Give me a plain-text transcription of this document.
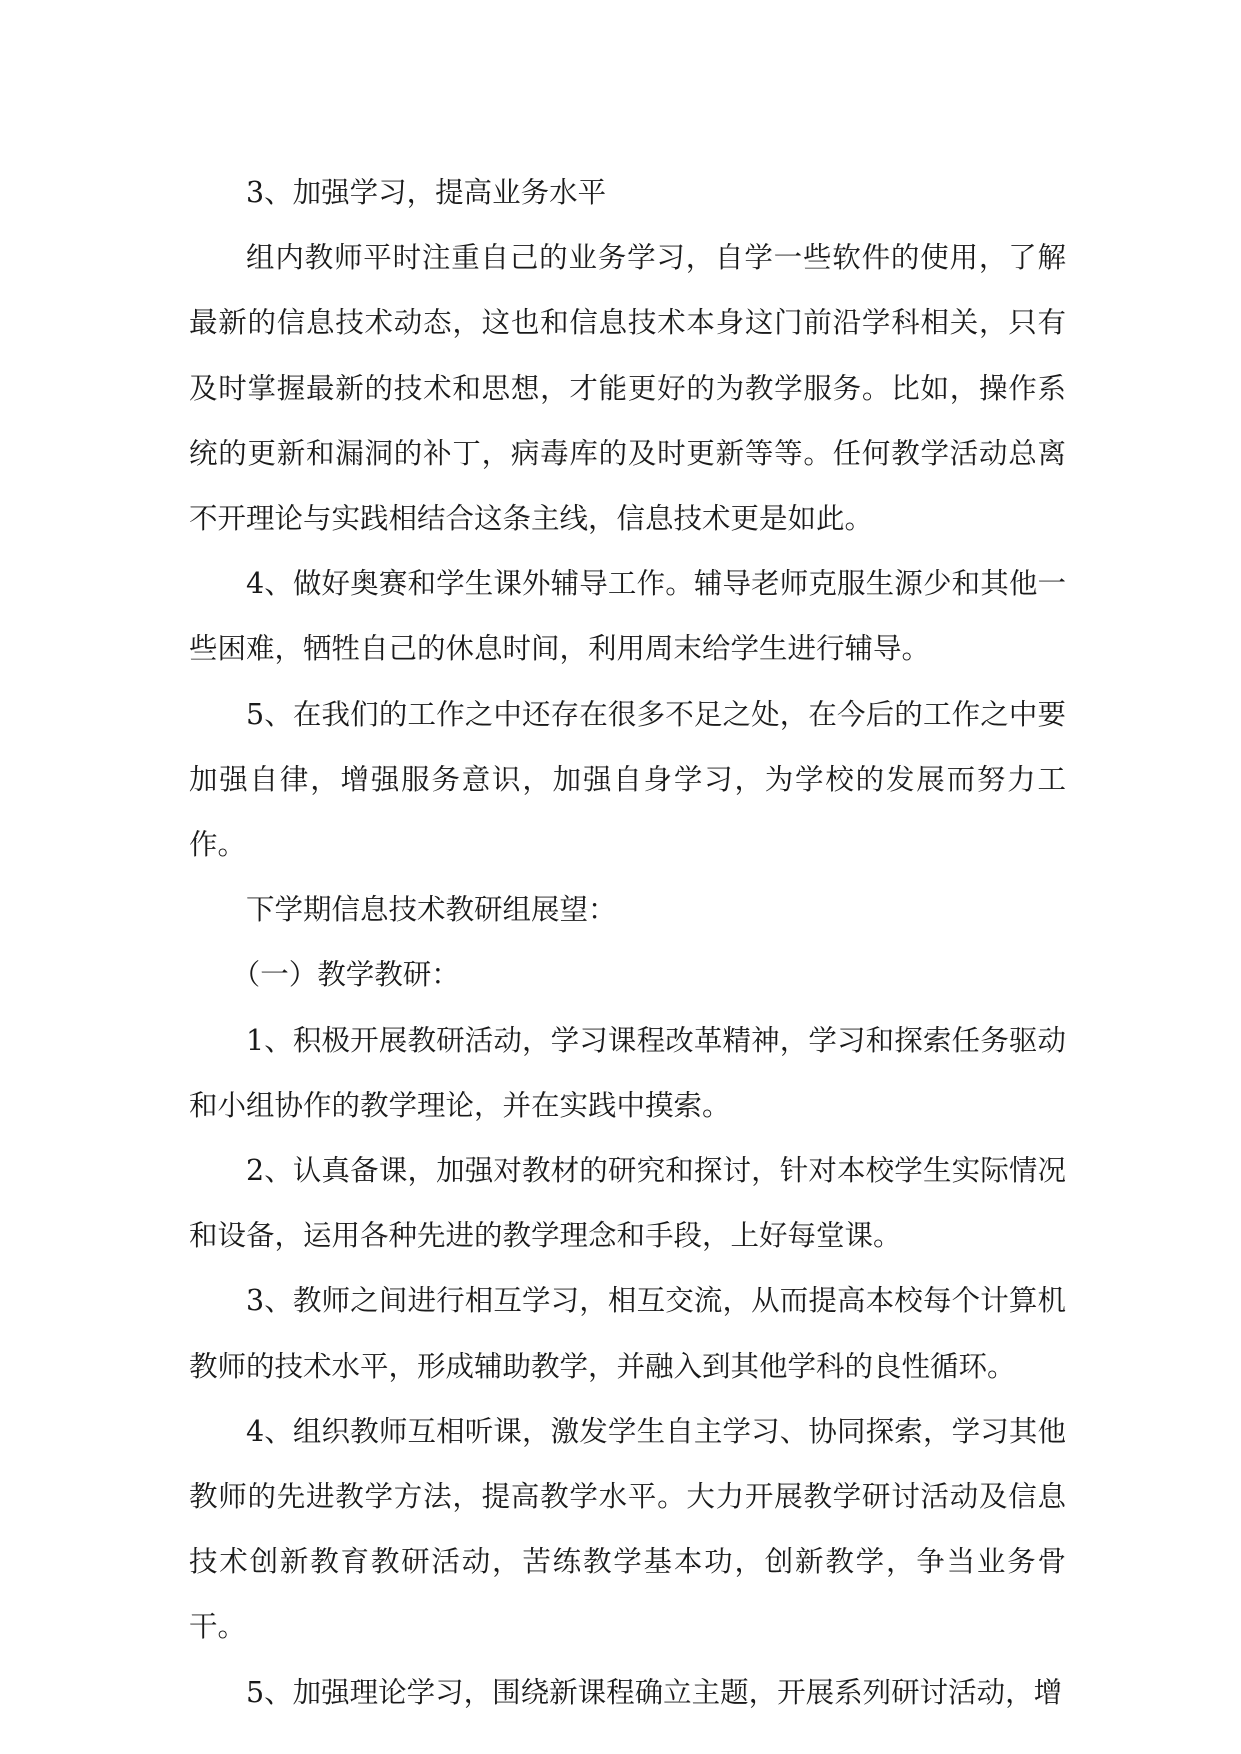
3、加强学习，提高业务水平

组内教师平时注重自己的业务学习，自学一些软件的使用，了解最新的信息技术动态，这也和信息技术本身这门前沿学科相关，只有及时掌握最新的技术和思想，才能更好的为教学服务。比如，操作系统的更新和漏洞的补丁，病毒库的及时更新等等。任何教学活动总离不开理论与实践相结合这条主线，信息技术更是如此。

4、做好奥赛和学生课外辅导工作。辅导老师克服生源少和其他一些困难，牺牲自己的休息时间，利用周末给学生进行辅导。

5、在我们的工作之中还存在很多不足之处，在今后的工作之中要加强自律，增强服务意识，加强自身学习，为学校的发展而努力工作。

下学期信息技术教研组展望：

（一）教学教研：

1、积极开展教研活动，学习课程改革精神，学习和探索任务驱动和小组协作的教学理论，并在实践中摸索。

2、认真备课，加强对教材的研究和探讨，针对本校学生实际情况和设备，运用各种先进的教学理念和手段，上好每堂课。

3、教师之间进行相互学习，相互交流，从而提高本校每个计算机教师的技术水平，形成辅助教学，并融入到其他学科的良性循环。

4、组织教师互相听课，激发学生自主学习、协同探索，学习其他教师的先进教学方法，提高教学水平。大力开展教学研讨活动及信息技术创新教育教研活动，苦练教学基本功，创新教学，争当业务骨干。

5、加强理论学习，围绕新课程确立主题，开展系列研讨活动，增
